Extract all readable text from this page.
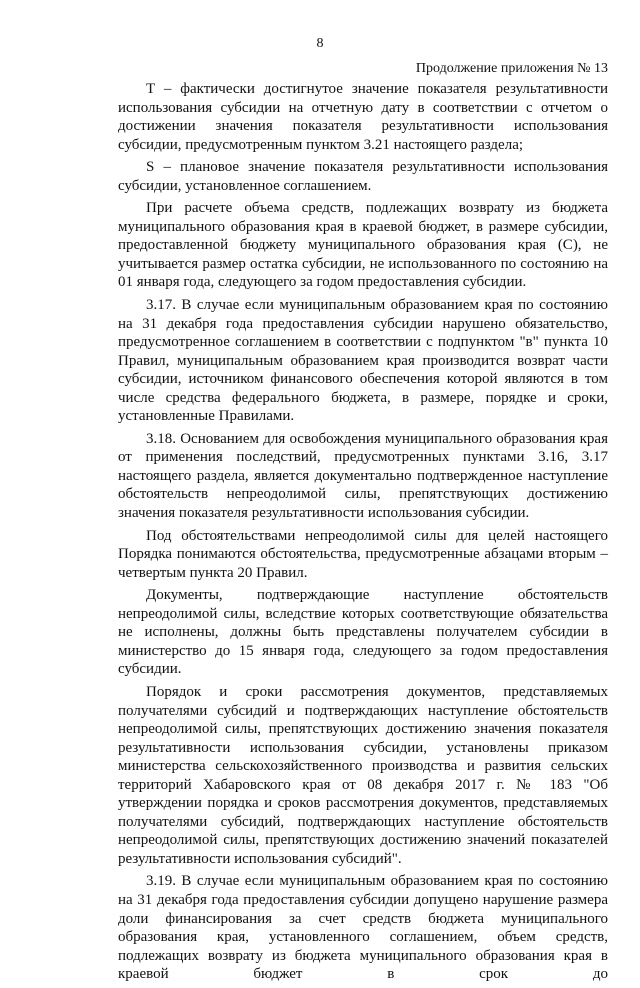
8
Продолжение приложения № 13

T – фактически достигнутое значение показателя результативности использования субсидии на отчетную дату в соответствии с отчетом о достижении значения показателя результативности использования субсидии, предусмотренным пунктом 3.21 настоящего раздела;

S – плановое значение показателя результативности использования субсидии, установленное соглашением.

При расчете объема средств, подлежащих возврату из бюджета муниципального образования края в краевой бюджет, в размере субсидии, предоставленной бюджету муниципального образования края (C), не учитывается размер остатка субсидии, не использованного по состоянию на 01 января года, следующего за годом предоставления субсидии.

3.17. В случае если муниципальным образованием края по состоянию на 31 декабря года предоставления субсидии нарушено обязательство, предусмотренное соглашением в соответствии с подпунктом "в" пункта 10 Правил, муниципальным образованием края производится возврат части субсидии, источником финансового обеспечения которой являются в том числе средства федерального бюджета, в размере, порядке и сроки, установленные Правилами.

3.18. Основанием для освобождения муниципального образования края от применения последствий, предусмотренных пунктами 3.16, 3.17 настоящего раздела, является документально подтвержденное наступление обстоятельств непреодолимой силы, препятствующих достижению значения показателя результативности использования субсидии.

Под обстоятельствами непреодолимой силы для целей настоящего Порядка понимаются обстоятельства, предусмотренные абзацами вторым – четвертым пункта 20 Правил.

Документы, подтверждающие наступление обстоятельств непреодолимой силы, вследствие которых соответствующие обязательства не исполнены, должны быть представлены получателем субсидии в министерство до 15 января года, следующего за годом предоставления субсидии.

Порядок и сроки рассмотрения документов, представляемых получателями субсидий и подтверждающих наступление обстоятельств непреодолимой силы, препятствующих достижению значения показателя результативности использования субсидии, установлены приказом министерства сельскохозяйственного производства и развития сельских территорий Хабаровского края от 08 декабря 2017 г. № 183 "Об утверждении порядка и сроков рассмотрения документов, представляемых получателями субсидий, подтверждающих наступление обстоятельств непреодолимой силы, препятствующих достижению значений показателей результативности использования субсидий".

3.19. В случае если муниципальным образованием края по состоянию на 31 декабря года предоставления субсидии допущено нарушение размера доли финансирования за счет средств бюджета муниципального образования края, установленного соглашением, объем средств, подлежащих возврату из бюджета муниципального образования края в краевой бюджет в срок до
